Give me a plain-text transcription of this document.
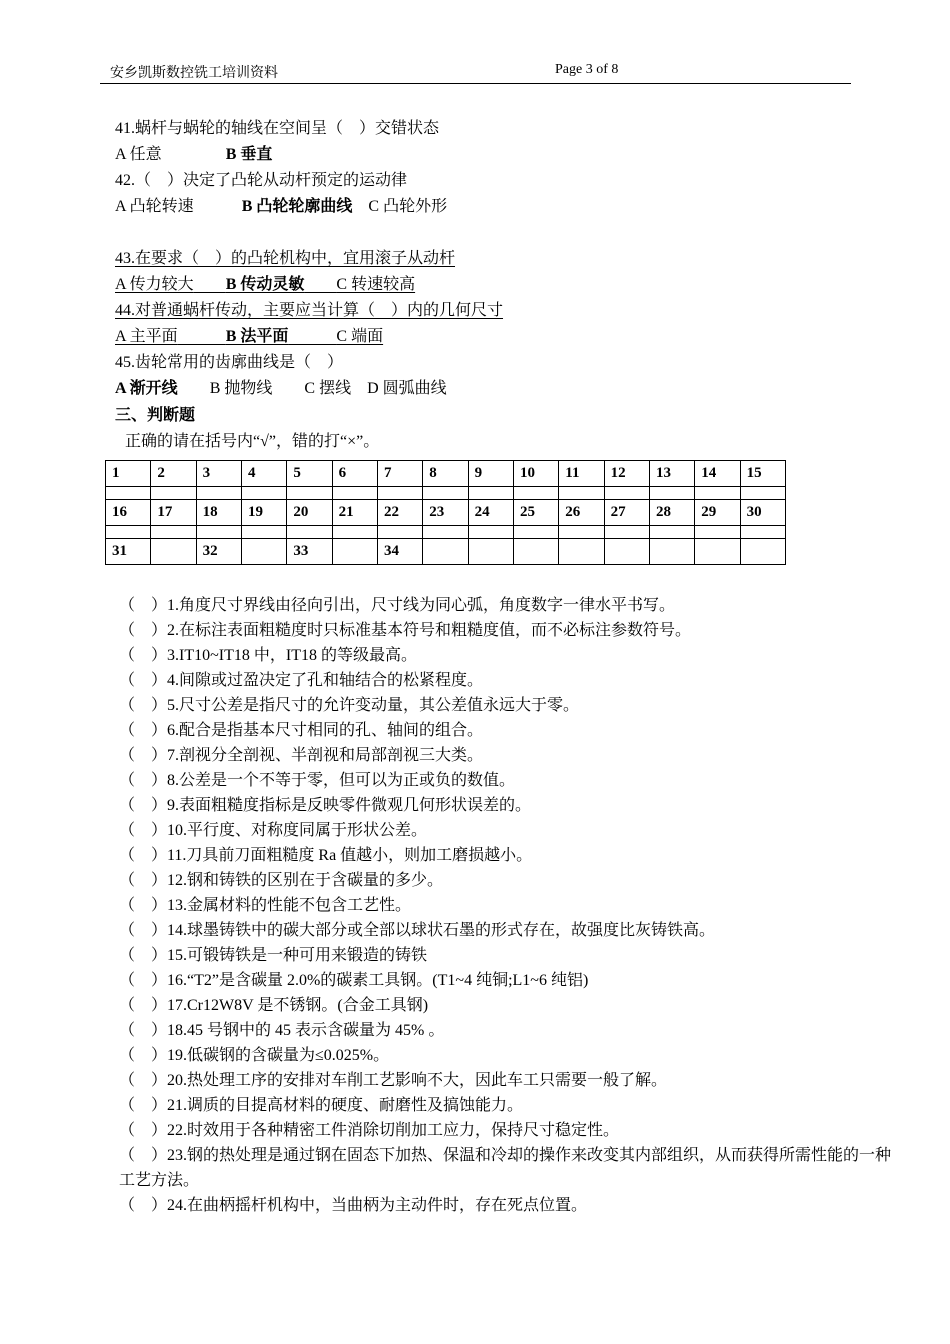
安乡凯斯数控铣工培训资料	Page 3 of 8

41.蜗杆与蜗轮的轴线在空间呈（　）交错状态

A 任意　　　　	B 垂直

42.（　）决定了凸轮从动杆预定的运动律

A 凸轮转速　　　	B 凸轮轮廓曲线　 C 凸轮外形

43.在要求（　）的凸轮机构中，宜用滚子从动杆

A 传力较大　　 B 传动灵敏　　 C 转速较高

44.对普通蜗杆传动，主要应当计算（　）内的几何尺寸

A 主平面　　　	B 法平面　　　	C 端面

45.齿轮常用的齿廓曲线是（　）

A 渐开线　　 B 抛物线　　 C 摆线　 D 圆弧曲线

三、判断题

正确的请在括号内“√”，错的打“×”。

1	2	3	4	5	6	7	8	9	10	11	12	13	14	15

16	17	18	19	20	21	22	23	24	25	26	27	28	29	30

31		32		33		34								

（　）1.角度尺寸界线由径向引出，尺寸线为同心弧，角度数字一律水平书写。

（　）2.在标注表面粗糙度时只标准基本符号和粗糙度值，而不必标注参数符号。

（　）3.IT10~IT18 中，IT18 的等级最高。

（　）4.间隙或过盈决定了孔和轴结合的松紧程度。

（　）5.尺寸公差是指尺寸的允许变动量，其公差值永远大于零。

（　）6.配合是指基本尺寸相同的孔、轴间的组合。

（　）7.剖视分全剖视、半剖视和局部剖视三大类。

（　）8.公差是一个不等于零，但可以为正或负的数值。

（　）9.表面粗糙度指标是反映零件微观几何形状误差的。

（　）10.平行度、对称度同属于形状公差。

（　）11.刀具前刀面粗糙度 Ra 值越小，则加工磨损越小。

（　）12.钢和铸铁的区别在于含碳量的多少。

（　）13.金属材料的性能不包含工艺性。

（　）14.球墨铸铁中的碳大部分或全部以球状石墨的形式存在，故强度比灰铸铁高。

（　）15.可锻铸铁是一种可用来锻造的铸铁

（　）16.“T2”是含碳量 2.0%的碳素工具钢。(T1~4 纯铜;L1~6 纯铝)

（　）17.Cr12W8V 是不锈钢。(合金工具钢)

（　）18.45 号钢中的 45 表示含碳量为 45% 。

（　）19.低碳钢的含碳量为≤0.025%。

（　）20.热处理工序的安排对车削工艺影响不大，因此车工只需要一般了解。

（　）21.调质的目提高材料的硬度、耐磨性及搞蚀能力。

（　）22.时效用于各种精密工件消除切削加工应力，保持尺寸稳定性。

（　）23.钢的热处理是通过钢在固态下加热、保温和冷却的操作来改变其内部组织，从而获得所需性能的一种工艺方法。

（　）24.在曲柄摇杆机构中，当曲柄为主动件时，存在死点位置。
